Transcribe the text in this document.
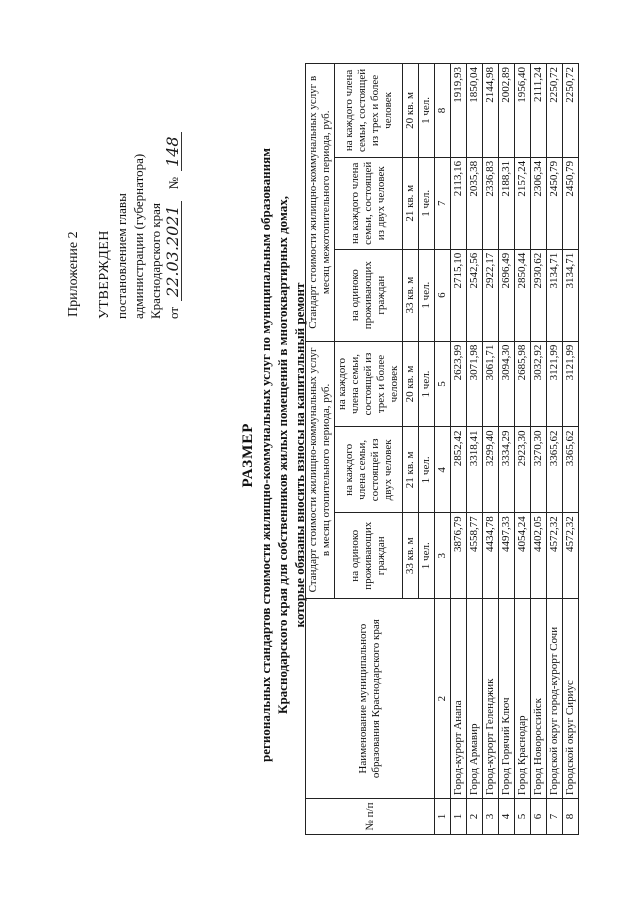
Приложение 2 УТВЕРЖДЕН постановлением главы администрации (губернатора) Краснодарского края от
22.03.2021
№
148
РАЗМЕР региональных стандартов стоимости жилищно-коммунальных услуг по муниципальным образованиям Краснодарского края для собственников жилых помещений в многоквартирных домах, которые обязаны вносить взносы на капитальный ремонт
№ п/п	Наименование муниципального образования Краснодарского края	Стандарт стоимости жилищно-коммунальных услуг в месяц отопительного периода, руб.			Стандарт стоимости жилищно-коммунальных услуг в месяц межотопительного периода, руб.		
		на одиноко проживающих граждан	на каждого члена семьи, состоящей из двух человек	на каждого члена семьи, состоящей из трех и более человек	на одиноко проживающих граждан	на каждого члена семьи, состоящей из двух человек	на каждого члена семьи, состоящей из трех и более человек
		33 кв. м	21 кв. м	20 кв. м	33 кв. м	21 кв. м	20 кв. м
		1 чел.	1 чел.	1 чел.	1 чел.	1 чел.	1 чел.
1	2	3	4	5	6	7	8
1	Город-курорт Анапа	3876,79	2852,42	2623,99	2715,10	2113,16	1919,93
2	Город Армавир	4558,77	3318,41	3071,98	2542,56	2035,38	1850,04
3	Город-курорт Геленджик	4434,78	3299,40	3061,71	2922,17	2336,83	2144,98
4	Город Горячий Ключ	4497,33	3334,29	3094,30	2696,49	2188,31	2002,89
5	Город Краснодар	4054,24	2923,30	2685,98	2850,44	2157,24	1956,40
6	Город Новороссийск	4402,05	3270,30	3032,92	2930,62	2306,34	2111,24
7	Городской округ город-курорт Сочи	4572,32	3365,62	3121,99	3134,71	2450,79	2250,72
8	Городской округ Сириус	4572,32	3365,62	3121,99	3134,71	2450,79	2250,72
